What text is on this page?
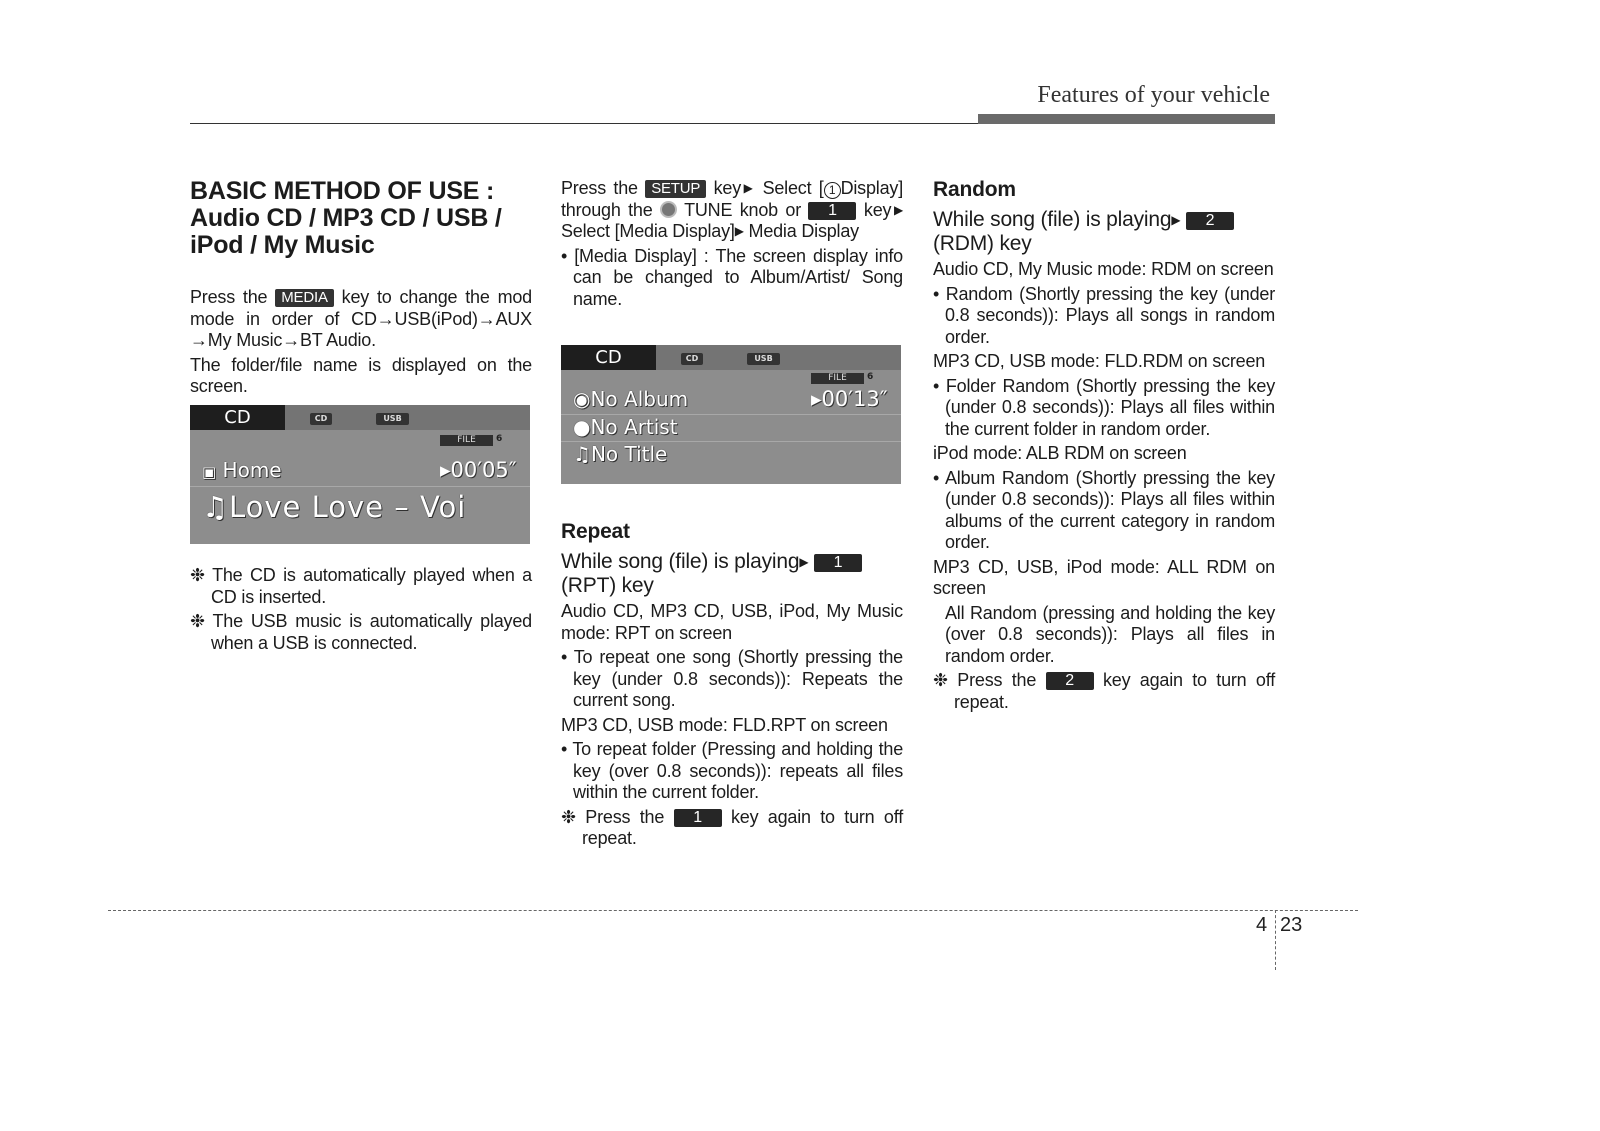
Features of your vehicle
BASIC METHOD OF USE :
Audio CD / MP3 CD / USB /
iPod / My Music

Press the MEDIA key to change the mod mode in order of CD→USB(iPod)→AUX →My Music→BT Audio.

The folder/file name is displayed on the screen.

CD	CD	USB
FILE	6
▣ Home	▸00′05″
♫Love Love – Voi

❉ The CD is automatically played when a CD is inserted.

❉ The USB music is automatically played when a USB is connected.

Press the SETUP key▶ Select [ 1 Display] through the  TUNE knob or 1 key▶ Select [Media Display]▶ Media Display

• [Media Display] : The screen display info can be changed to Album/Artist/ Song name.

CD	CD	USB
FILE	6
◉No Album	▸00′13″
●No Artist
♫No Title
Repeat

While song (file) is playing▶ 1
(RPT) key

Audio CD, MP3 CD, USB, iPod, My Music mode: RPT on screen

• To repeat one song (Shortly pressing the key (under 0.8 seconds)): Repeats the current song.

MP3 CD, USB mode: FLD.RPT on screen

• To repeat folder (Pressing and holding the key (over 0.8 seconds)): repeats all files within the current folder.

❉ Press the 1 key again to turn off repeat.

Random

While song (file) is playing▶ 2
(RDM) key

Audio CD, My Music mode: RDM on screen

• Random (Shortly pressing the key (under 0.8 seconds)): Plays all songs in random order.

MP3 CD, USB mode: FLD.RDM on screen

• Folder Random (Shortly pressing the key (under 0.8 seconds)): Plays all files within the current folder in random order.

iPod mode: ALB RDM on screen

• Album Random (Shortly pressing the key (under 0.8 seconds)): Plays all files within albums of the current category in random order.

MP3 CD, USB, iPod mode: ALL RDM on screen

All Random (pressing and holding the key (over 0.8 seconds)): Plays all files in random order.

❉ Press the 2 key again to turn off repeat.

4 23
